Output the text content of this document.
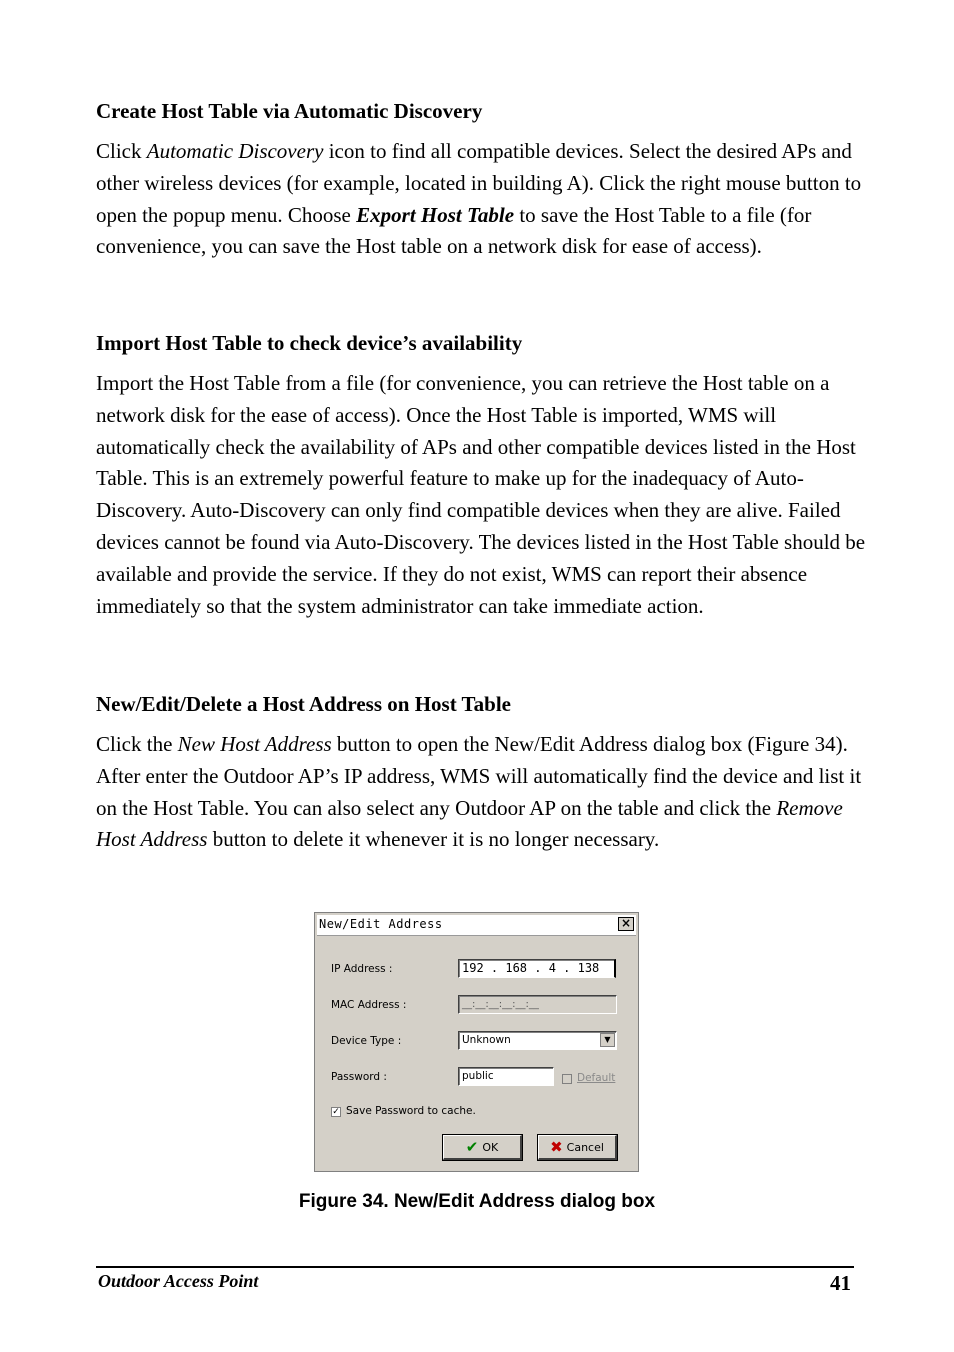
Create Host Table via Automatic Discovery
Click Automatic Discovery icon to find all compatible devices. Select the desired APs and other wireless devices (for example, located in building A). Click the right mouse button to open the popup menu. Choose Export Host Table to save the Host Table to a file (for convenience, you can save the Host table on a network disk for ease of access).
Import Host Table to check device’s availability
Import the Host Table from a file (for convenience, you can retrieve the Host table on a network disk for the ease of access). Once the Host Table is imported, WMS will automatically check the availability of APs and other compatible devices listed in the Host Table. This is an extremely powerful feature to make up for the inadequacy of Auto-Discovery. Auto-Discovery can only find compatible devices when they are alive. Failed devices cannot be found via Auto-Discovery. The devices listed in the Host Table should be available and provide the service. If they do not exist, WMS can report their absence immediately so that the system administrator can take immediate action.
New/Edit/Delete a Host Address on Host Table
Click the New Host Address button to open the New/Edit Address dialog box (Figure 34). After enter the Outdoor AP’s IP address, WMS will automatically find the device and list it on the Host Table. You can also select any Outdoor AP on the table and click the Remove Host Address button to delete it whenever it is no longer necessary.
New/Edit Address	×
IP Address :	192 . 168 . 4 . 138
MAC Address :	__:__:__:__:__:__
Device Type :	Unknown	▼
Password :	public	Default
✓ Save Password to cache.
✔ OK	✖ Cancel
Figure 34. New/Edit Address dialog box
Outdoor Access Point	41
